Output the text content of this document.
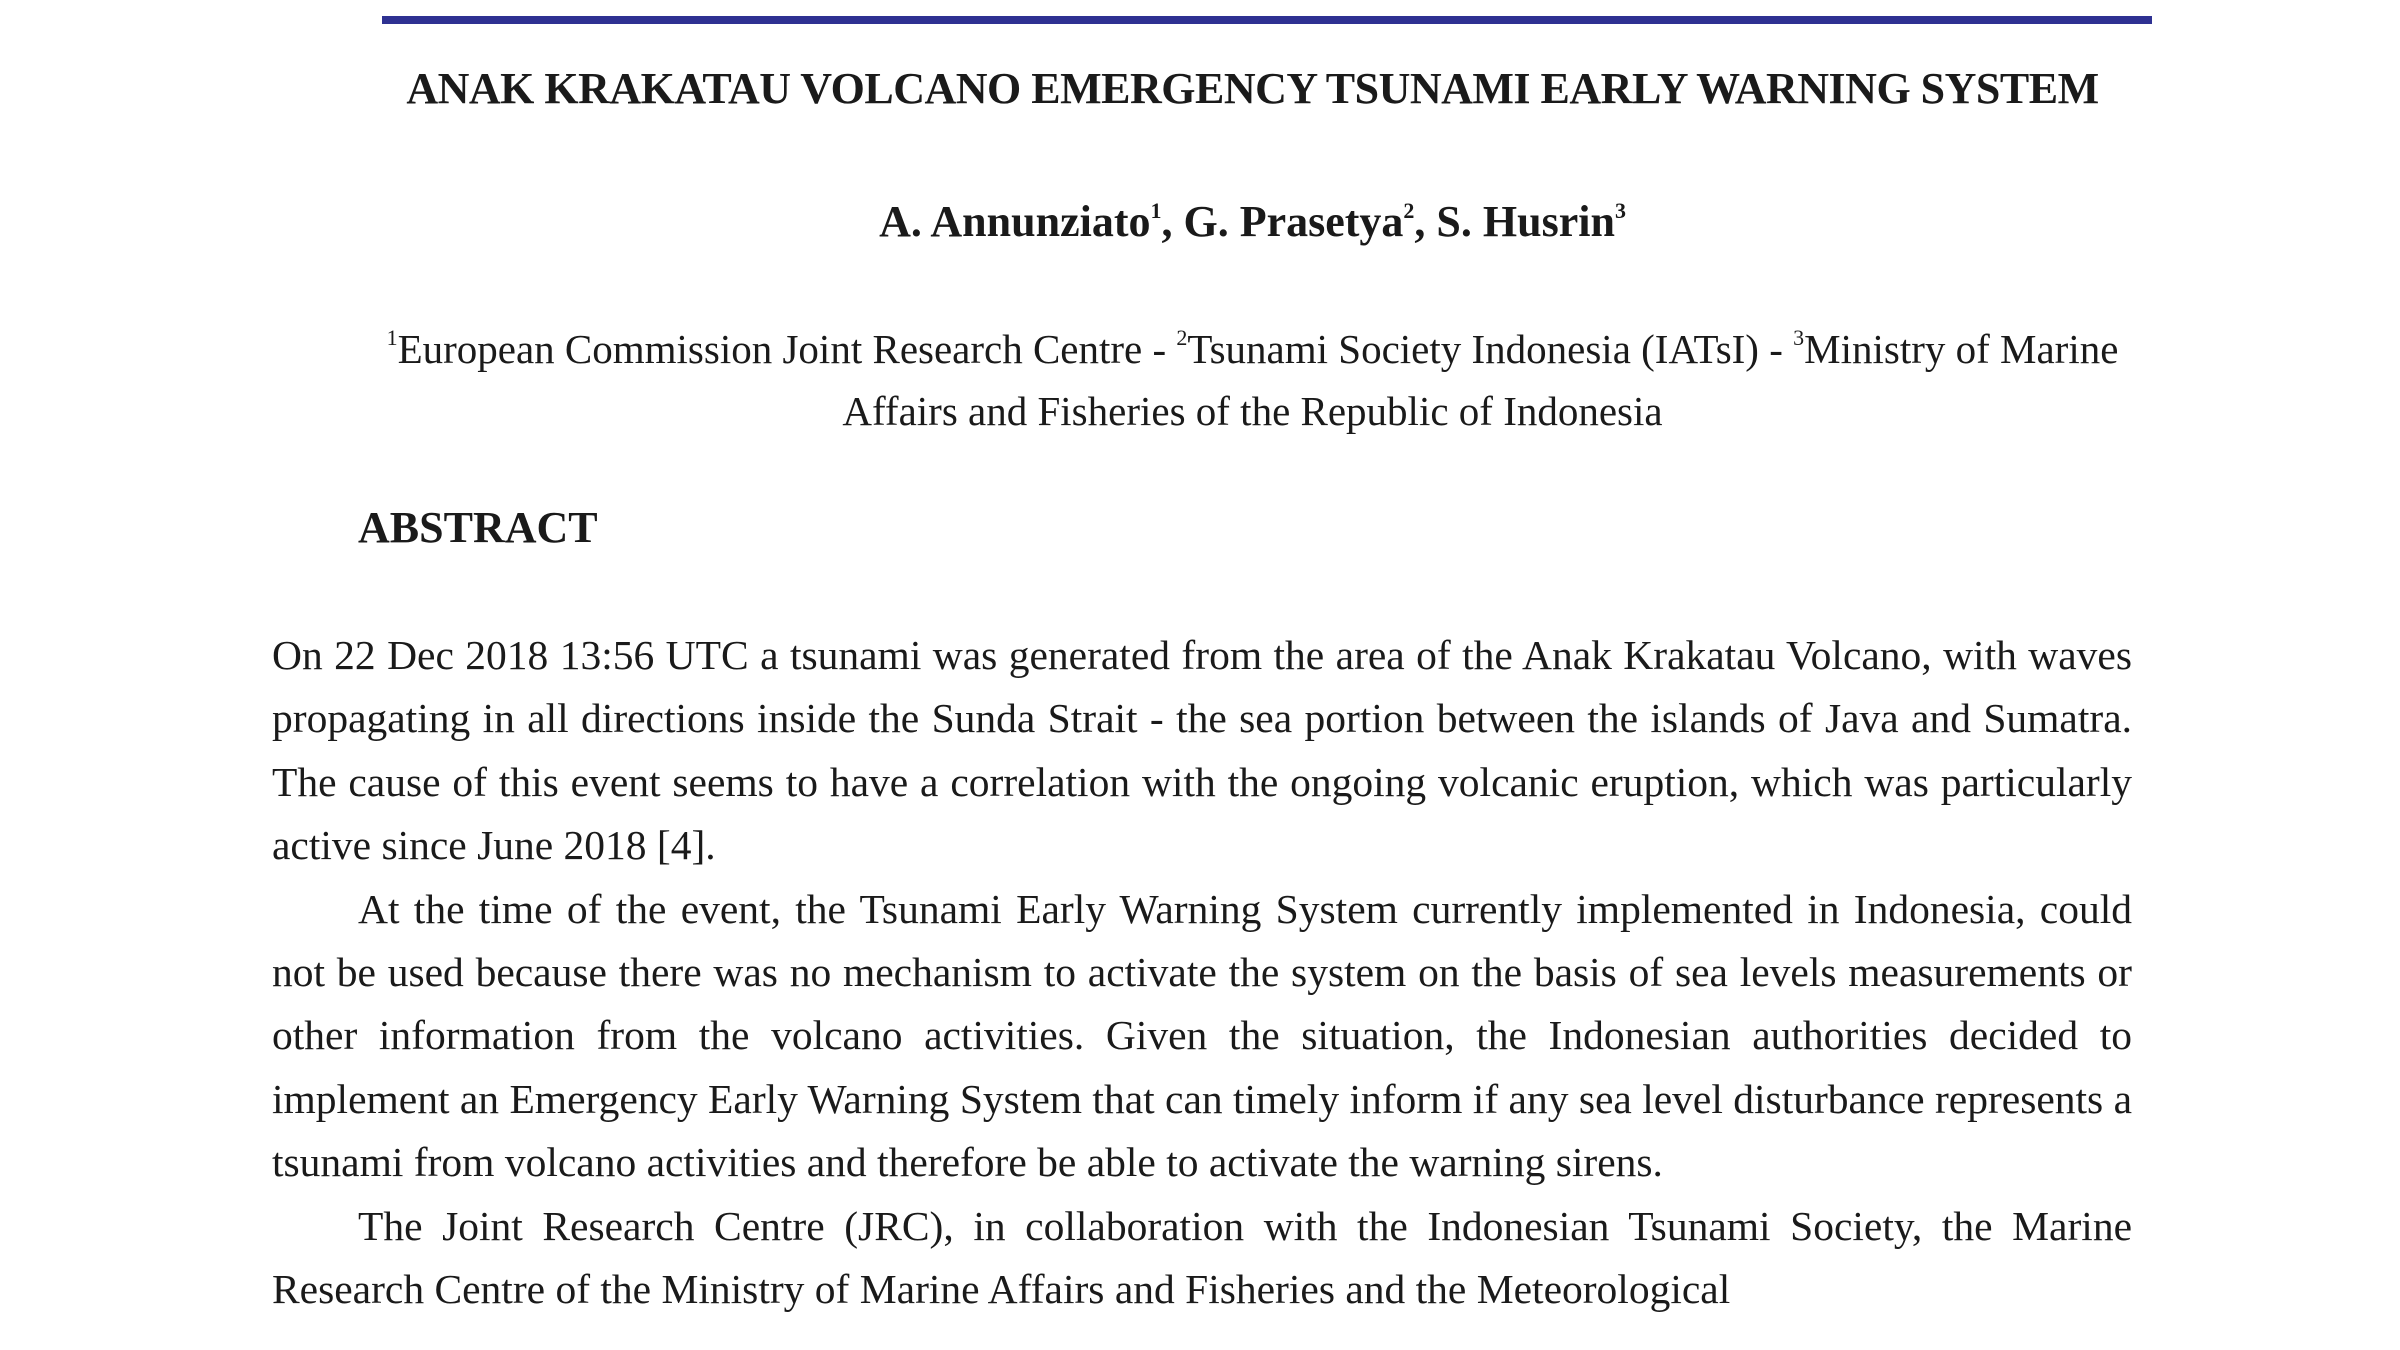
ANAK KRAKATAU VOLCANO EMERGENCY TSUNAMI EARLY WARNING SYSTEM
A. Annunziato$^1$, G. Prasetya$^2$, S. Husrin$^3$
$^1$European Commission Joint Research Centre - $^2$Tsunami Society Indonesia (IATsI) - $^3$Ministry of Marine Affairs and Fisheries of the Republic of Indonesia
ABSTRACT

On 22 Dec 2018 13:56 UTC a tsunami was generated from the area of the Anak Krakatau Volcano, with waves propagating in all directions inside the Sunda Strait - the sea portion between the islands of Java and Sumatra. The cause of this event seems to have a correlation with the ongoing volcanic eruption, which was particularly active since June 2018 [4].

At the time of the event, the Tsunami Early Warning System currently implemented in Indonesia, could not be used because there was no mechanism to activate the system on the basis of sea levels measurements or other information from the volcano activities. Given the situation, the Indonesian authorities decided to implement an Emergency Early Warning System that can timely inform if any sea level disturbance represents a tsunami from volcano activities and therefore be able to activate the warning sirens.

The Joint Research Centre (JRC), in collaboration with the Indonesian Tsunami Society, the Marine Research Centre of the Ministry of Marine Affairs and Fisheries and the Meteorological
